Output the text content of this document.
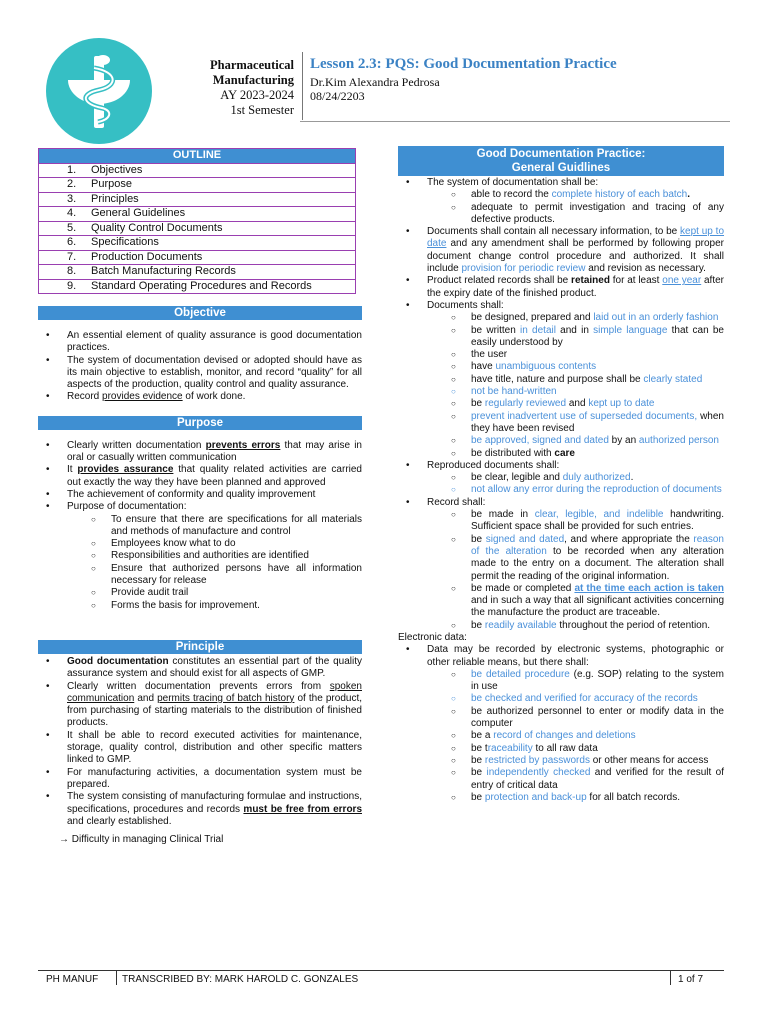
Pharmaceutical
Manufacturing
AY 2023-2024
1st Semester
Lesson 2.3: PQS: Good Documentation Practice
Dr.Kim Alexandra Pedrosa
08/24/2203
OUTLINE
1. Objectives
2. Purpose
3. Principles
4. General Guidelines
5. Quality Control Documents
6. Specifications
7. Production Documents
8. Batch Manufacturing Records
9. Standard Operating Procedures and Records
Objective
• An essential element of quality assurance is good documentation practices.
• The system of documentation devised or adopted should have as its main objective to establish, monitor, and record “quality” for all aspects of the production, quality control and quality assurance.
• Record provides evidence of work done.
Purpose
• Clearly written documentation prevents errors that may arise in oral or casually written communication
• It provides assurance that quality related activities are carried out exactly the way they have been planned and approved
• The achievement of conformity and quality improvement
• Purpose of documentation:
○ To ensure that there are specifications for all materials and methods of manufacture and control
○ Employees know what to do
○ Responsibilities and authorities are identified
○ Ensure that authorized persons have all information necessary for release
○ Provide audit trail
○ Forms the basis for improvement.
Principle
• Good documentation constitutes an essential part of the quality assurance system and should exist for all aspects of GMP.
• Clearly written documentation prevents errors from spoken communication and permits tracing of batch history of the product, from purchasing of starting materials to the distribution of finished products.
• It shall be able to record executed activities for maintenance, storage, quality control, distribution and other specific matters linked to GMP.
• For manufacturing activities, a documentation system must be prepared.
• The system consisting of manufacturing formulae and instructions, specifications, procedures and records must be free from errors and clearly established.
→ Difficulty in managing Clinical Trial
Good Documentation Practice:
General Guidlines
• The system of documentation shall be:
○ able to record the complete history of each batch.
○ adequate to permit investigation and tracing of any defective products.
• Documents shall contain all necessary information, to be kept up to date and any amendment shall be performed by following proper document change control procedure and authorized. It shall include provision for periodic review and revision as necessary.
• Product related records shall be retained for at least one year after the expiry date of the finished product.
• Documents shall:
○ be designed, prepared and laid out in an orderly fashion
○ be written in detail and in simple language that can be easily understood by
○ the user
○ have unambiguous contents
○ have title, nature and purpose shall be clearly stated
○ not be hand-written
○ be regularly reviewed and kept up to date
○ prevent inadvertent use of superseded documents, when they have been revised
○ be approved, signed and dated by an authorized person
○ be distributed with care
• Reproduced documents shall:
○ be clear, legible and duly authorized.
○ not allow any error during the reproduction of documents
• Record shall:
○ be made in clear, legible, and indelible handwriting. Sufficient space shall be provided for such entries.
○ be signed and dated, and where appropriate the reason of the alteration to be recorded when any alteration made to the entry on a document. The alteration shall permit the reading of the original information.
○ be made or completed at the time each action is taken and in such a way that all significant activities concerning the manufacture the product are traceable.
○ be readily available throughout the period of retention.
Electronic data:
• Data may be recorded by electronic systems, photographic or other reliable means, but there shall:
○ be detailed procedure (e.g. SOP) relating to the system in use
○ be checked and verified for accuracy of the records
○ be authorized personnel to enter or modify data in the computer
○ be a record of changes and deletions
○ be traceability to all raw data
○ be restricted by passwords or other means for access
○ be independently checked and verified for the result of entry of critical data
○ be protection and back-up for all batch records.
PH MANUF TRANSCRIBED BY: MARK HAROLD C. GONZALES	1 of 7
